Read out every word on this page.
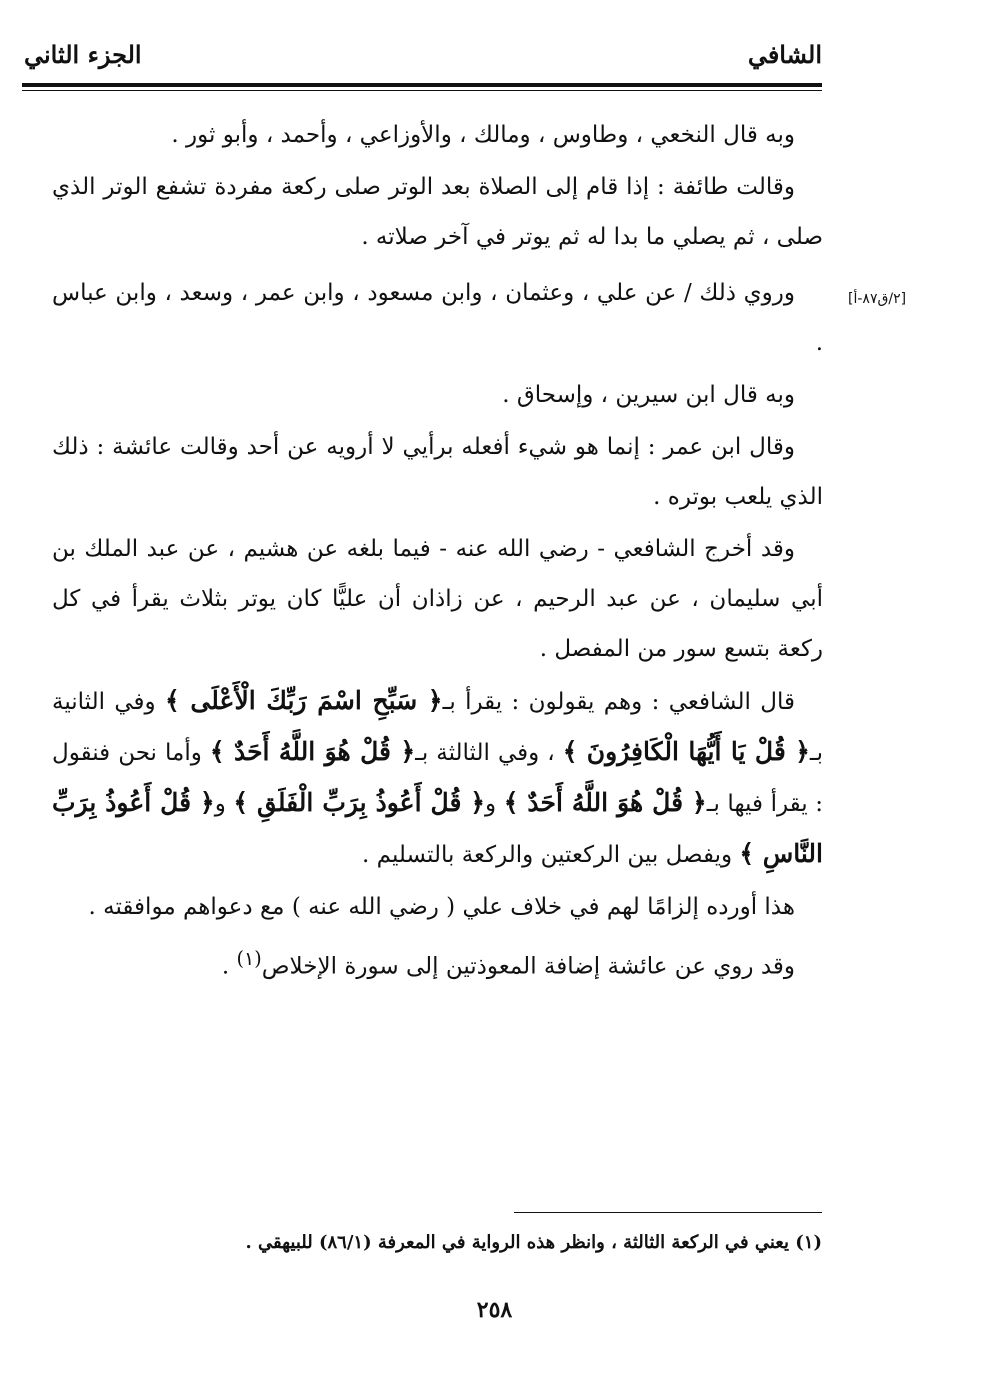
الشافي
الجزء الثاني
[٢/ق٨٧-أ]

وبه قال النخعي ، وطاوس ، ومالك ، والأوزاعي ، وأحمد ، وأبو ثور .

وقالت طائفة : إذا قام إلى الصلاة بعد الوتر صلى ركعة مفردة تشفع الوتر الذي صلى ، ثم يصلي ما بدا له ثم يوتر في آخر صلاته .

وروي ذلك / عن علي ، وعثمان ، وابن مسعود ، وابن عمر ، وسعد ، وابن عباس .

وبه قال ابن سيرين ، وإسحاق .

وقال ابن عمر : إنما هو شيء أفعله برأيي لا أرويه عن أحد وقالت عائشة : ذلك الذي يلعب بوتره .

وقد أخرج الشافعي - رضي الله عنه - فيما بلغه عن هشيم ، عن عبد الملك بن أبي سليمان ، عن عبد الرحيم ، عن زاذان أن عليًّا كان يوتر بثلاث يقرأ في كل ركعة بتسع سور من المفصل .

قال الشافعي : وهم يقولون : يقرأ بـ﴿ سَبِّحِ اسْمَ رَبِّكَ الْأَعْلَى ﴾ وفي الثانية بـ﴿ قُلْ يَا أَيُّهَا الْكَافِرُونَ ﴾ ، وفي الثالثة بـ﴿ قُلْ هُوَ اللَّهُ أَحَدٌ ﴾ وأما نحن فنقول : يقرأ فيها بـ﴿ قُلْ هُوَ اللَّهُ أَحَدٌ ﴾ و﴿ قُلْ أَعُوذُ بِرَبِّ الْفَلَقِ ﴾ و﴿ قُلْ أَعُوذُ بِرَبِّ النَّاسِ ﴾ ويفصل بين الركعتين والركعة بالتسليم .

هذا أورده إلزامًا لهم في خلاف علي ( رضي الله عنه ) مع دعواهم موافقته .

وقد روي عن عائشة إضافة المعوذتين إلى سورة الإخلاص$^{(١)}$ .

(١) يعني في الركعة الثالثة ، وانظر هذه الرواية في المعرفة (٨٦/١) للبيهقي .
٢٥٨
